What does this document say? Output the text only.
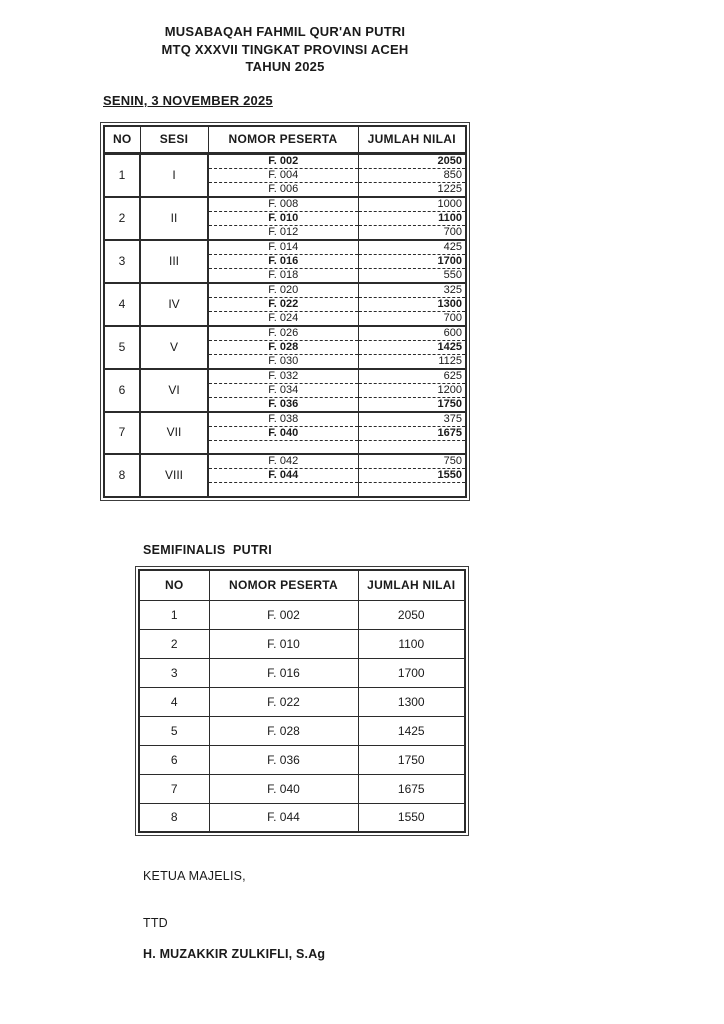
MUSABAQAH FAHMIL QUR'AN PUTRI
MTQ XXXVII TINGKAT PROVINSI ACEH
TAHUN 2025
SENIN, 3 NOVEMBER 2025
NO	SESI	NOMOR PESERTA	JUMLAH NILAI
1	I	F. 002	2050
		F. 004	850
		F. 006	1225
2	II	F. 008	1000
		F. 010	1100
		F. 012	700
3	III	F. 014	425
		F. 016	1700
		F. 018	550
4	IV	F. 020	325
		F. 022	1300
		F. 024	700
5	V	F. 026	600
		F. 028	1425
		F. 030	1125
6	VI	F. 032	625
		F. 034	1200
		F. 036	1750
7	VII	F. 038	375
		F. 040	1675

8	VIII	F. 042	750
		F. 044	1550

SEMIFINALIS  PUTRI
NO	NOMOR PESERTA	JUMLAH NILAI
1	F. 002	2050
2	F. 010	1100
3	F. 016	1700
4	F. 022	1300
5	F. 028	1425
6	F. 036	1750
7	F. 040	1675
8	F. 044	1550
KETUA MAJELIS,
TTD
H. MUZAKKIR ZULKIFLI, S.Ag
